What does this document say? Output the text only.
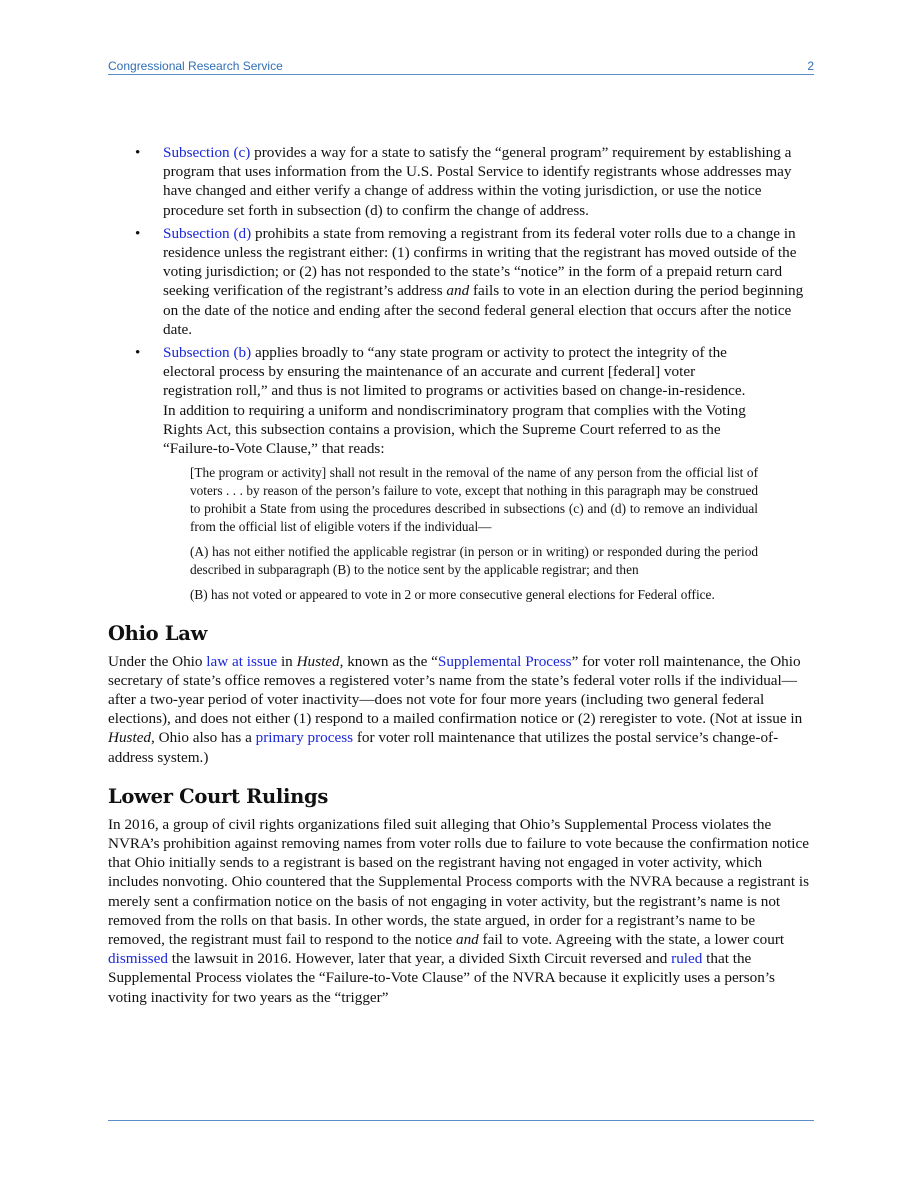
Congressional Research Service	2
• Subsection (c) provides a way for a state to satisfy the “general program” requirement by establishing a program that uses information from the U.S. Postal Service to identify registrants whose addresses may have changed and either verify a change of address within the voting jurisdiction, or use the notice procedure set forth in subsection (d) to confirm the change of address.
• Subsection (d) prohibits a state from removing a registrant from its federal voter rolls due to a change in residence unless the registrant either: (1) confirms in writing that the registrant has moved outside of the voting jurisdiction; or (2) has not responded to the state’s “notice” in the form of a prepaid return card seeking verification of the registrant’s address and fails to vote in an election during the period beginning on the date of the notice and ending after the second federal general election that occurs after the notice date.
• Subsection (b) applies broadly to “any state program or activity to protect the integrity of the electoral process by ensuring the maintenance of an accurate and current [federal] voter registration roll,” and thus is not limited to programs or activities based on change-in-residence. In addition to requiring a uniform and nondiscriminatory program that complies with the Voting Rights Act, this subsection contains a provision, which the Supreme Court referred to as the “Failure-to-Vote Clause,” that reads:

[The program or activity] shall not result in the removal of the name of any person from the official list of voters . . . by reason of the person’s failure to vote, except that nothing in this paragraph may be construed to prohibit a State from using the procedures described in subsections (c) and (d) to remove an individual from the official list of eligible voters if the individual—

(A) has not either notified the applicable registrar (in person or in writing) or responded during the period described in subparagraph (B) to the notice sent by the applicable registrar; and then

(B) has not voted or appeared to vote in 2 or more consecutive general elections for Federal office.

Ohio Law

Under the Ohio law at issue in Husted, known as the “Supplemental Process” for voter roll maintenance, the Ohio secretary of state’s office removes a registered voter’s name from the state’s federal voter rolls if the individual—after a two-year period of voter inactivity—does not vote for four more years (including two general federal elections), and does not either (1) respond to a mailed confirmation notice or (2) reregister to vote. (Not at issue in Husted, Ohio also has a primary process for voter roll maintenance that utilizes the postal service’s change-of-address system.)

Lower Court Rulings

In 2016, a group of civil rights organizations filed suit alleging that Ohio’s Supplemental Process violates the NVRA’s prohibition against removing names from voter rolls due to failure to vote because the confirmation notice that Ohio initially sends to a registrant is based on the registrant having not engaged in voter activity, which includes nonvoting. Ohio countered that the Supplemental Process comports with the NVRA because a registrant is merely sent a confirmation notice on the basis of not engaging in voter activity, but the registrant’s name is not removed from the rolls on that basis. In other words, the state argued, in order for a registrant’s name to be removed, the registrant must fail to respond to the notice and fail to vote. Agreeing with the state, a lower court dismissed the lawsuit in 2016. However, later that year, a divided Sixth Circuit reversed and ruled that the Supplemental Process violates the “Failure-to-Vote Clause” of the NVRA because it explicitly uses a person’s voting inactivity for two years as the “trigger”
